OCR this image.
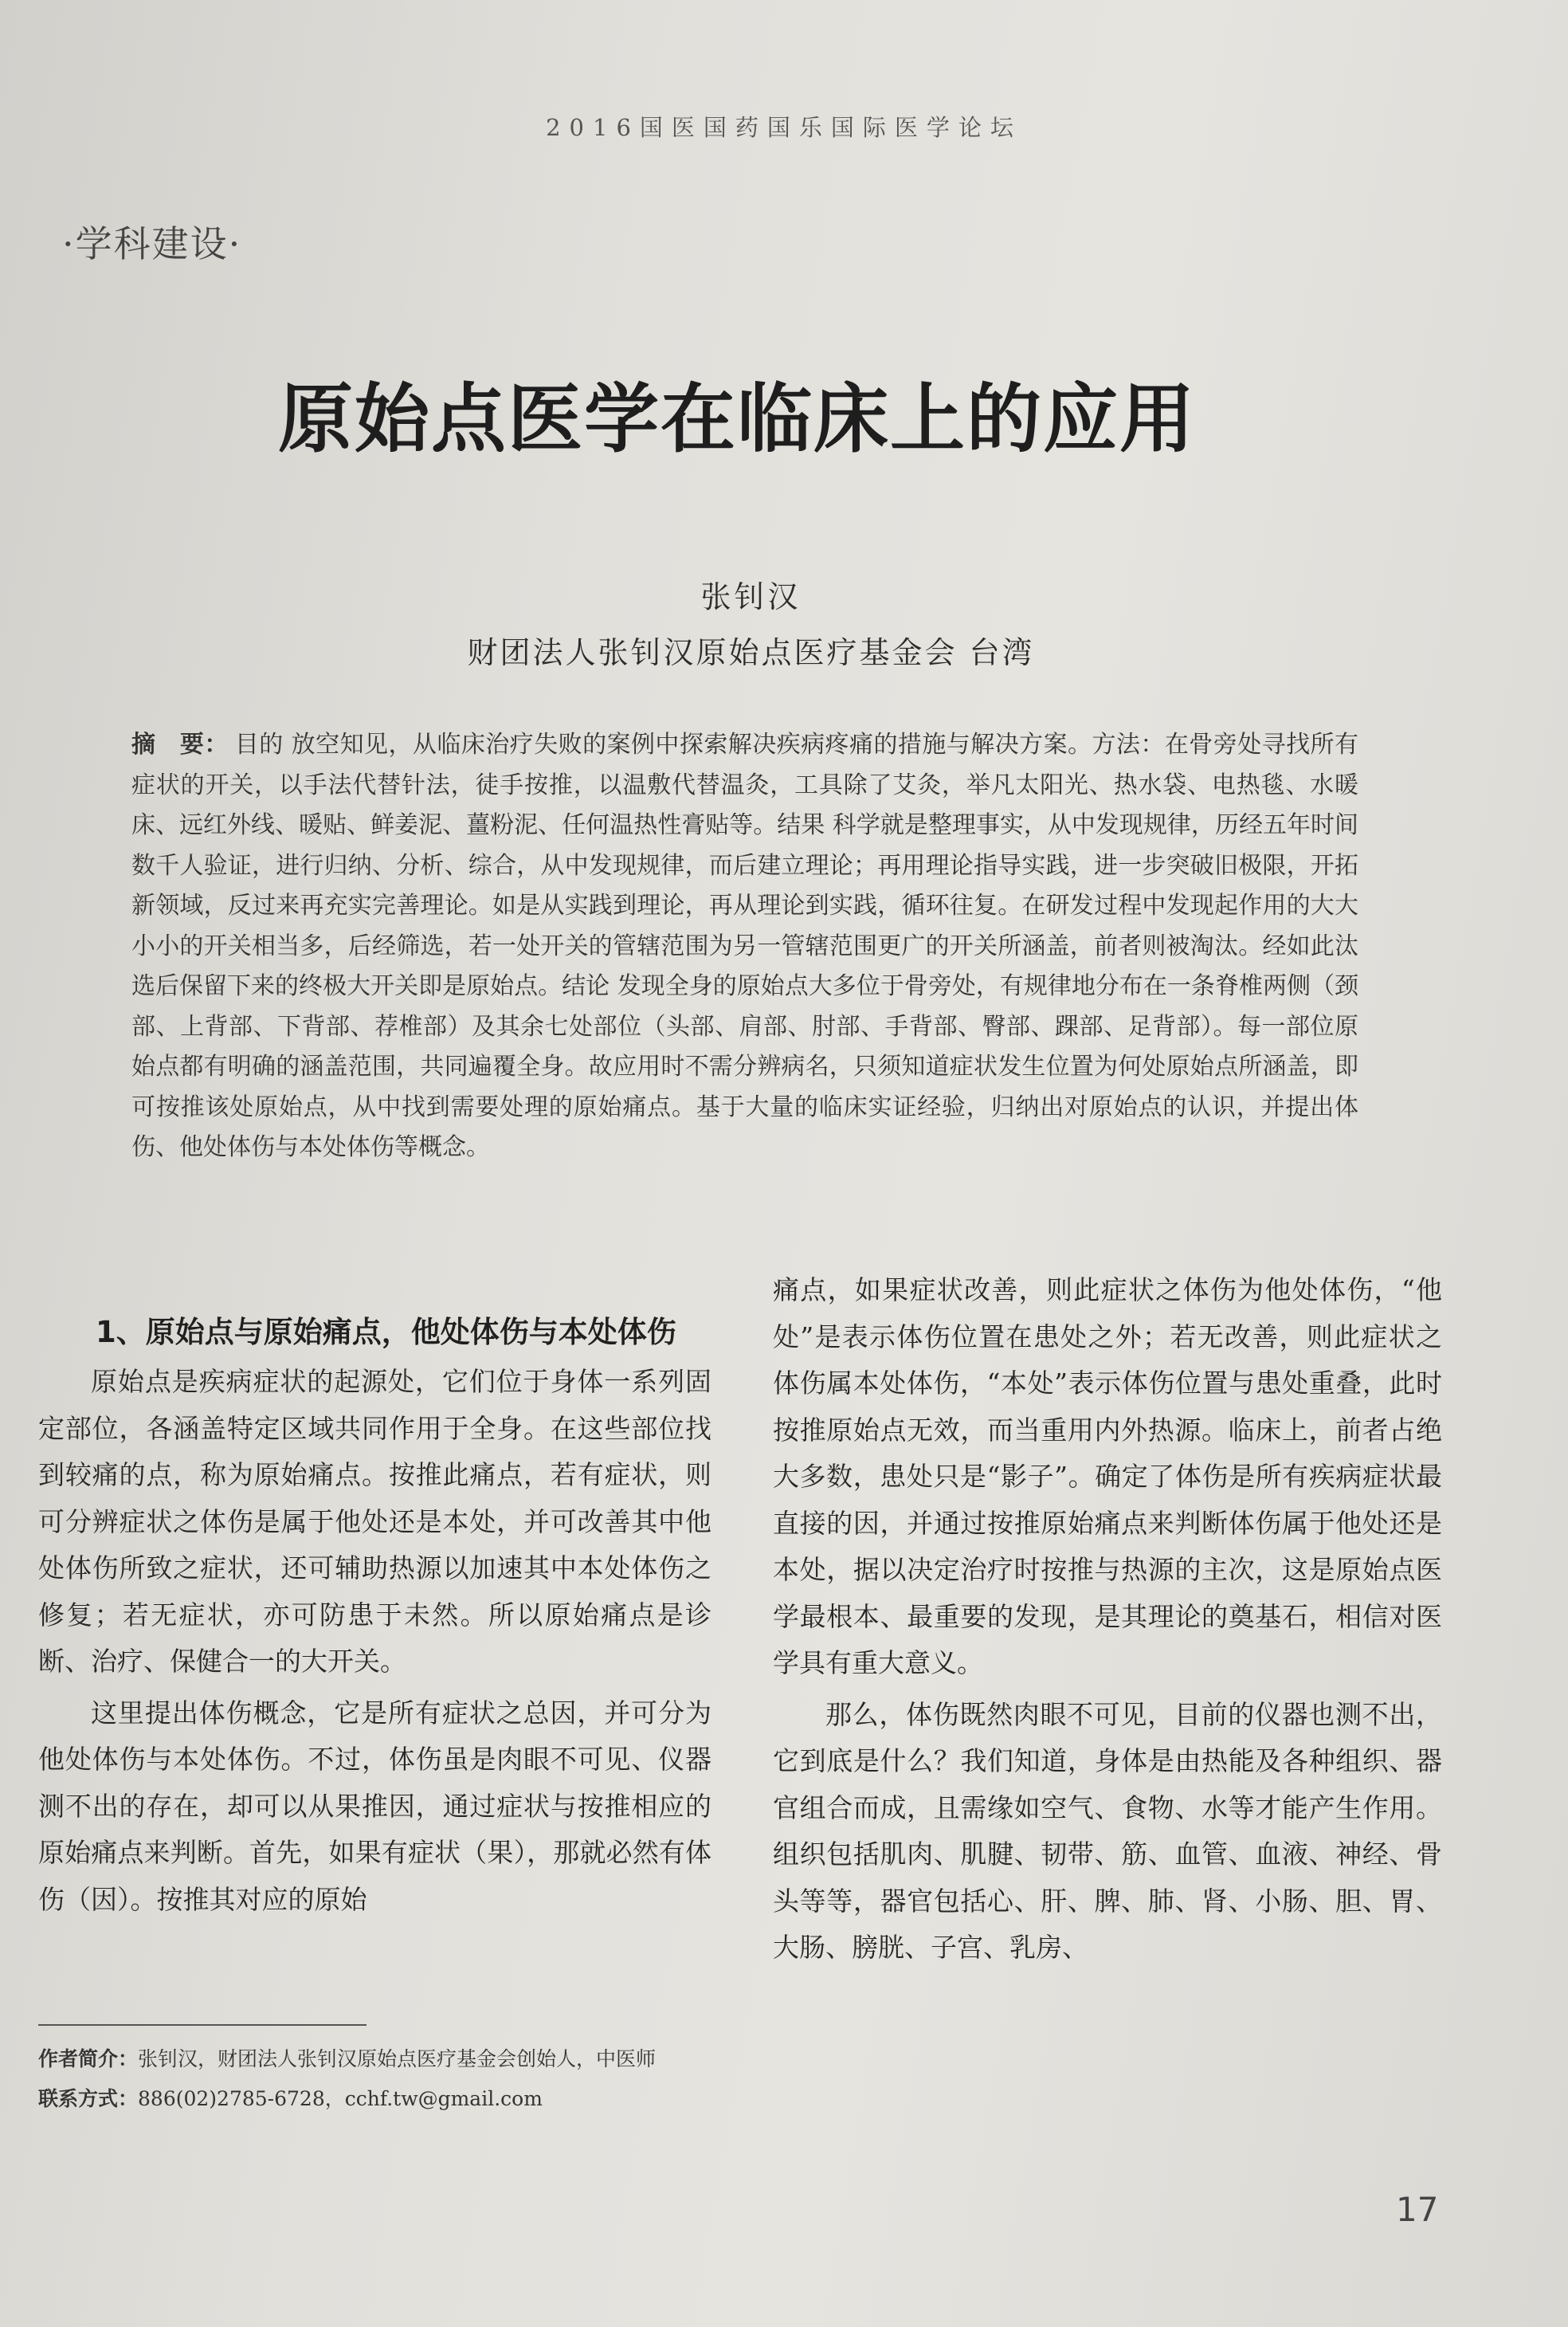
2016国医国药国乐国际医学论坛
·学科建设·
原始点医学在临床上的应用
张钊汉
财团法人张钊汉原始点医疗基金会 台湾
摘　要： 目的 放空知见，从临床治疗失败的案例中探索解决疾病疼痛的措施与解决方案。方法：在骨旁处寻找所有症状的开关，以手法代替针法，徒手按推，以温敷代替温灸，工具除了艾灸，举凡太阳光、热水袋、电热毯、水暖床、远红外线、暖贴、鲜姜泥、薑粉泥、任何温热性膏贴等。结果 科学就是整理事实，从中发现规律，历经五年时间数千人验证，进行归纳、分析、综合，从中发现规律，而后建立理论；再用理论指导实践，进一步突破旧极限，开拓新领域，反过来再充实完善理论。如是从实践到理论，再从理论到实践，循环往复。在研发过程中发现起作用的大大小小的开关相当多，后经筛选，若一处开关的管辖范围为另一管辖范围更广的开关所涵盖，前者则被淘汰。经如此汰选后保留下来的终极大开关即是原始点。结论 发现全身的原始点大多位于骨旁处，有规律地分布在一条脊椎两侧（颈部、上背部、下背部、荐椎部）及其余七处部位（头部、肩部、肘部、手背部、臀部、踝部、足背部）。每一部位原始点都有明确的涵盖范围，共同遍覆全身。故应用时不需分辨病名，只须知道症状发生位置为何处原始点所涵盖，即可按推该处原始点，从中找到需要处理的原始痛点。基于大量的临床实证经验，归纳出对原始点的认识，并提出体伤、他处体伤与本处体伤等概念。

1、原始点与原始痛点，他处体伤与本处体伤

原始点是疾病症状的起源处，它们位于身体一系列固定部位，各涵盖特定区域共同作用于全身。在这些部位找到较痛的点，称为原始痛点。按推此痛点，若有症状，则可分辨症状之体伤是属于他处还是本处，并可改善其中他处体伤所致之症状，还可辅助热源以加速其中本处体伤之修复；若无症状，亦可防患于未然。所以原始痛点是诊断、治疗、保健合一的大开关。

这里提出体伤概念，它是所有症状之总因，并可分为他处体伤与本处体伤。不过，体伤虽是肉眼不可见、仪器测不出的存在，却可以从果推因，通过症状与按推相应的原始痛点来判断。首先，如果有症状（果），那就必然有体伤（因）。按推其对应的原始

痛点，如果症状改善，则此症状之体伤为他处体伤，“他处”是表示体伤位置在患处之外；若无改善，则此症状之体伤属本处体伤，“本处”表示体伤位置与患处重叠，此时按推原始点无效，而当重用内外热源。临床上，前者占绝大多数，患处只是“影子”。确定了体伤是所有疾病症状最直接的因，并通过按推原始痛点来判断体伤属于他处还是本处，据以决定治疗时按推与热源的主次，这是原始点医学最根本、最重要的发现，是其理论的奠基石，相信对医学具有重大意义。

那么，体伤既然肉眼不可见，目前的仪器也测不出，它到底是什么？我们知道，身体是由热能及各种组织、器官组合而成，且需缘如空气、食物、水等才能产生作用。组织包括肌肉、肌腱、韧带、筋、血管、血液、神经、骨头等等，器官包括心、肝、脾、肺、肾、小肠、胆、胃、大肠、膀胱、子宫、乳房、

作者简介：张钊汉，财团法人张钊汉原始点医疗基金会创始人，中医师
联系方式：886(02)2785-6728，cchf.tw@gmail.com
17
